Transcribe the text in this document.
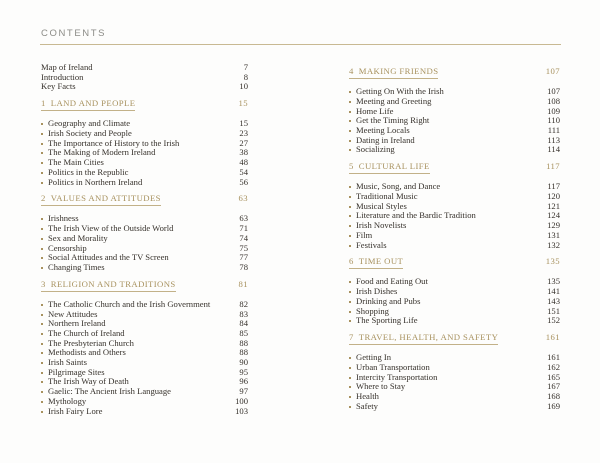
CONTENTS
Map of Ireland	7
Introduction	8
Key Facts	10
1 LAND AND PEOPLE	15
Geography and Climate	15
Irish Society and People	23
The Importance of History to the Irish	27
The Making of Modern Ireland	38
The Main Cities	48
Politics in the Republic	54
Politics in Northern Ireland	56
2 VALUES AND ATTITUDES	63
Irishness	63
The Irish View of the Outside World	71
Sex and Morality	74
Censorship	75
Social Attitudes and the TV Screen	77
Changing Times	78
3 RELIGION AND TRADITIONS	81
The Catholic Church and the Irish Government	82
New Attitudes	83
Northern Ireland	84
The Church of Ireland	85
The Presbyterian Church	88
Methodists and Others	88
Irish Saints	90
Pilgrimage Sites	95
The Irish Way of Death	96
Gaelic: The Ancient Irish Language	97
Mythology	100
Irish Fairy Lore	103
4 MAKING FRIENDS	107
Getting On With the Irish	107
Meeting and Greeting	108
Home Life	109
Get the Timing Right	110
Meeting Locals	111
Dating in Ireland	113
Socializing	114
5 CULTURAL LIFE	117
Music, Song, and Dance	117
Traditional Music	120
Musical Styles	121
Literature and the Bardic Tradition	124
Irish Novelists	129
Film	131
Festivals	132
6 TIME OUT	135
Food and Eating Out	135
Irish Dishes	141
Drinking and Pubs	143
Shopping	151
The Sporting Life	152
7 TRAVEL, HEALTH, AND SAFETY	161
Getting In	161
Urban Transportation	162
Intercity Transportation	165
Where to Stay	167
Health	168
Safety	169
